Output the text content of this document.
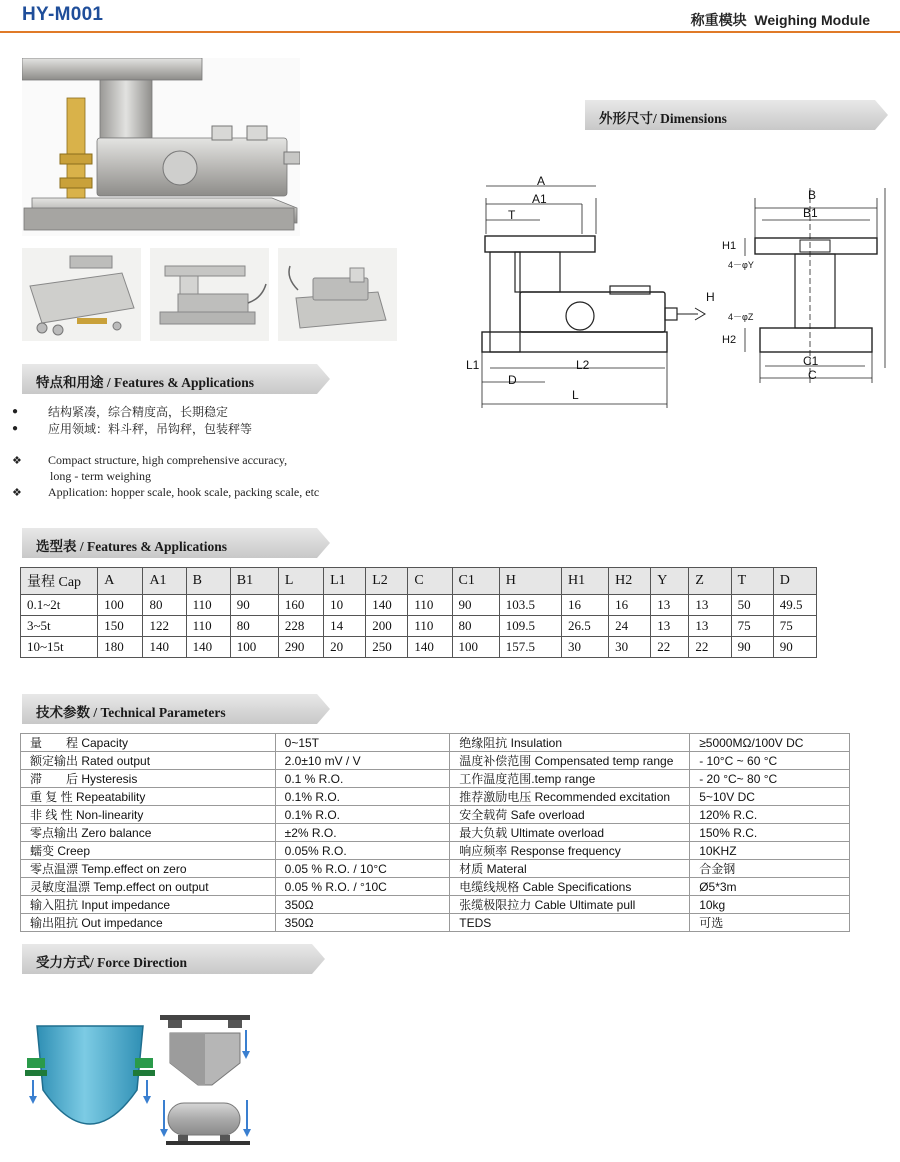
HY-M001	称重模块 Weighing Module
外形尺寸/ Dimensions
A
A1
T
L1	L2
D
L
B
B1
H1
4－φY
H
4－φZ
H2
C1
C
特点和用途 / Features & Applications
● 结构紧凑，综合精度高，长期稳定
● 应用领域：料斗秤，吊钩秤，包装秤等
❖ Compact structure, high comprehensive accuracy,
long - term weighing
❖ Application: hopper scale, hook scale, packing scale, etc
选型表 / Features & Applications
量程 Cap	A	A1	B	B1	L	L1	L2	C	C1	H	H1	H2	Y	Z	T	D
0.1~2t	100	80	110	90	160	10	140	110	90	103.5	16	16	13	13	50	49.5
3~5t	150	122	110	80	228	14	200	110	80	109.5	26.5	24	13	13	75	75
10~15t	180	140	140	100	290	20	250	140	100	157.5	30	30	22	22	90	90
技术参数 / Technical Parameters
量　　程 Capacity	0~15T	绝缘阻抗 Insulation	≥5000MΩ/100V DC
额定输出 Rated output	2.0±10 mV / V	温度补偿范围 Compensated temp range	- 10°C ~ 60 °C
滞　　后 Hysteresis	0.1 % R.O.	工作温度范围.temp range	- 20 °C~ 80 °C
重 复 性 Repeatability	0.1% R.O.	推荐激励电压 Recommended excitation	5~10V DC
非 线 性 Non-linearity	0.1% R.O.	安全载荷 Safe overload	120% R.C.
零点输出 Zero balance	±2% R.O.	最大负载 Ultimate overload	150% R.C.
蠕变 Creep	0.05% R.O.	响应频率 Response frequency	10KHZ
零点温漂 Temp.effect on zero	0.05 % R.O. / 10°C	材质 Materal	合金钢
灵敏度温漂 Temp.effect on output	0.05 % R.O. / °10C	电缆线规格 Cable Specifications	Ø5*3m
输入阻抗 Input impedance	350Ω	张缆极限拉力 Cable Ultimate pull	10kg
输出阻抗 Out impedance	350Ω	TEDS	可选
受力方式/ Force Direction
